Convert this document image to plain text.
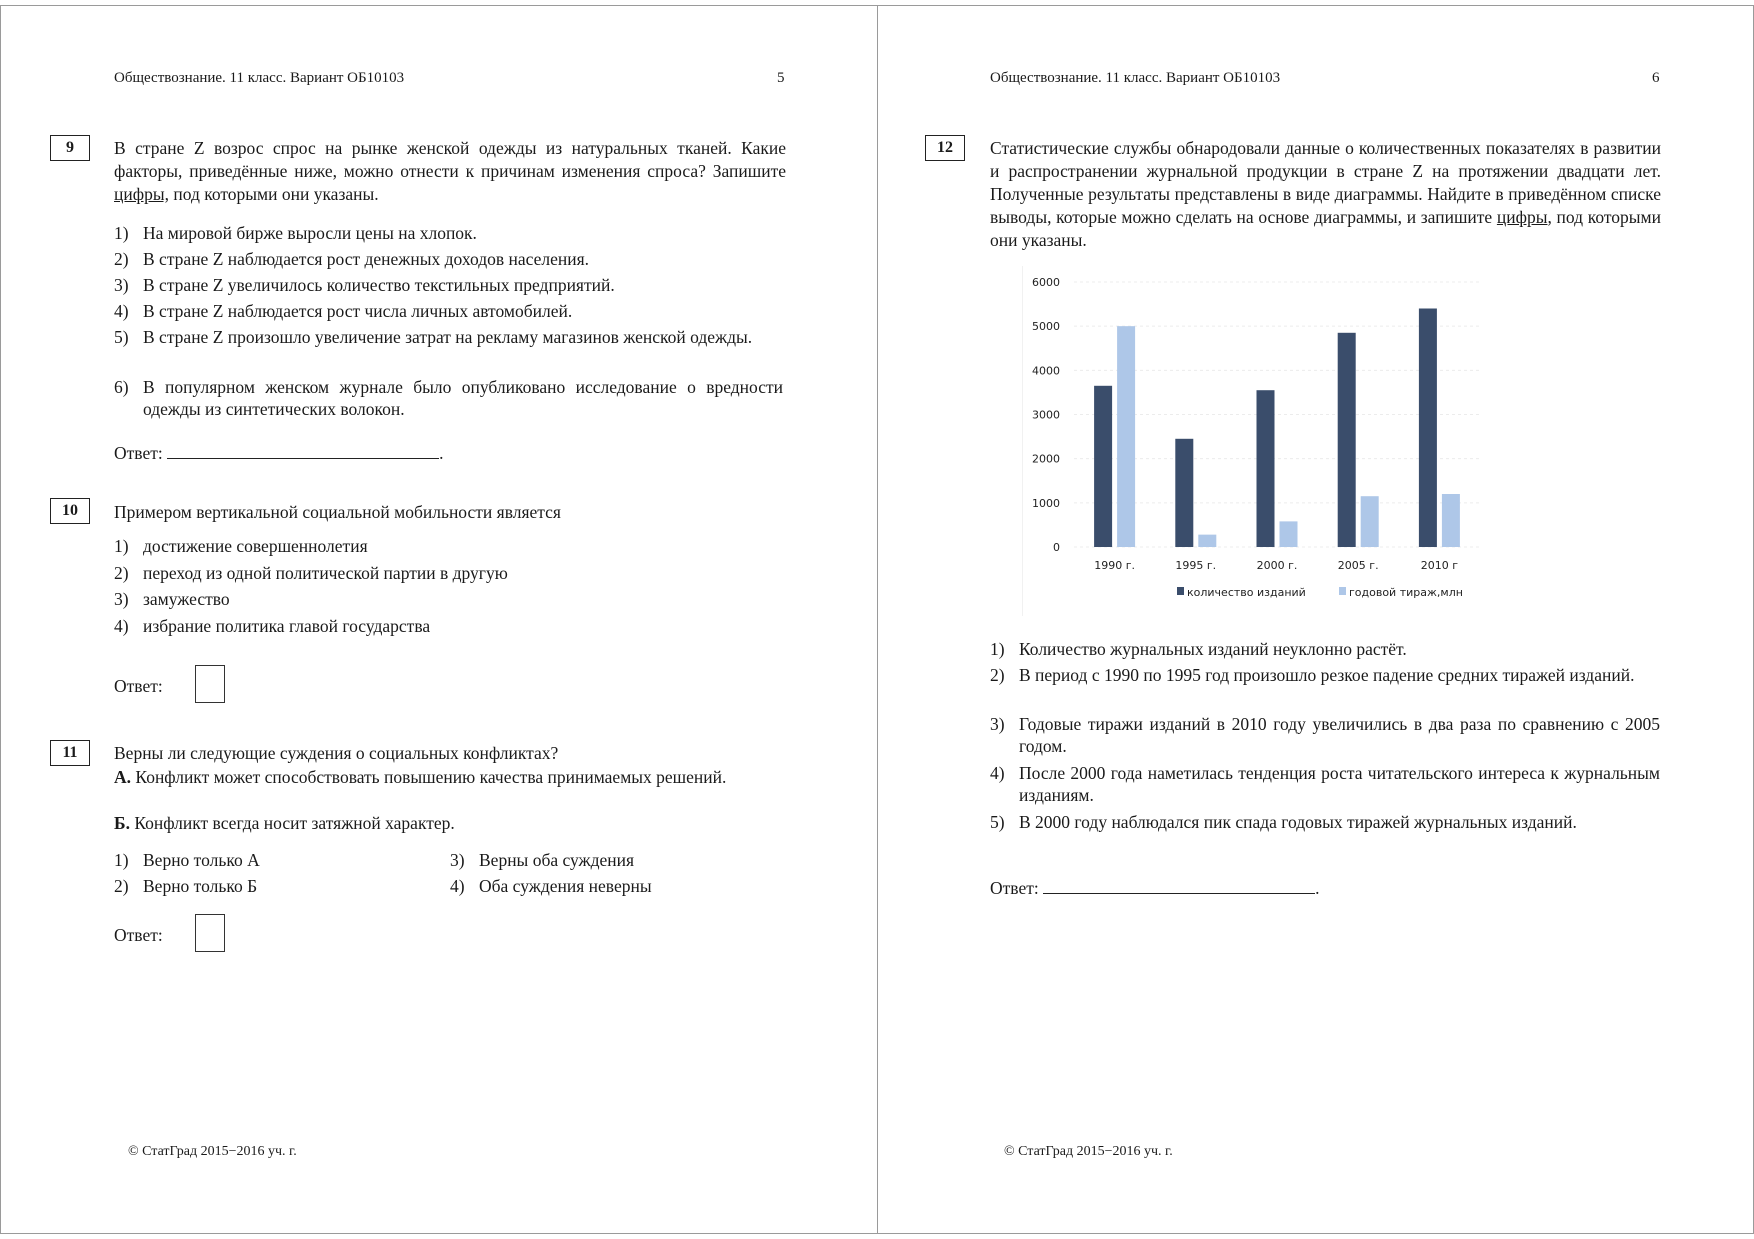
Обществознание. 11 класс. Вариант ОБ10103	5
9	В стране Z возрос спрос на рынке женской одежды из натуральных тканей. Какие факторы, приведённые ниже, можно отнести к причинам изменения спроса? Запишите цифры, под которыми они указаны.
1) На мировой бирже выросли цены на хлопок.
2) В стране Z наблюдается рост денежных доходов населения.
3) В стране Z увеличилось количество текстильных предприятий.
4) В стране Z наблюдается рост числа личных автомобилей.
5) В стране Z произошло увеличение затрат на рекламу магазинов женской одежды.
6) В популярном женском журнале было опубликовано исследование о вредности одежды из синтетических волокон.
Ответ:	.
10	Примером вертикальной социальной мобильности является
1) достижение совершеннолетия
2) переход из одной политической партии в другую
3) замужество
4) избрание политика главой государства
Ответ:
11	Верны ли следующие суждения о социальных конфликтах?
А. Конфликт может способствовать повышению качества принимаемых решений.
Б. Конфликт всегда носит затяжной характер.
1) Верно только А
2) Верно только Б
3) Верны оба суждения
4) Оба суждения неверны
Ответ:
© СтатГрад 2015−2016 уч. г.
Обществознание. 11 класс. Вариант ОБ10103	6
12	Статистические службы обнародовали данные о количественных показателях в развитии и распространении журнальной продукции в стране Z на протяжении двадцати лет. Полученные результаты представлены в виде диаграммы. Найдите в приведённом списке выводы, которые можно сделать на основе диаграммы, и запишите цифры, под которыми они указаны.
0
1000
2000
3000
4000
5000
6000
1990 г.	1995 г.	2000 г.	2005 г.	2010 г
количество изданий	годовой тираж,млн
1) Количество журнальных изданий неуклонно растёт.
2) В период с 1990 по 1995 год произошло резкое падение средних тиражей изданий.
3) Годовые тиражи изданий в 2010 году увеличились в два раза по сравнению с 2005 годом.
4) После 2000 года наметилась тенденция роста читательского интереса к журнальным изданиям.
5) В 2000 году наблюдался пик спада годовых тиражей журнальных изданий.
Ответ:	.
© СтатГрад 2015−2016 уч. г.
